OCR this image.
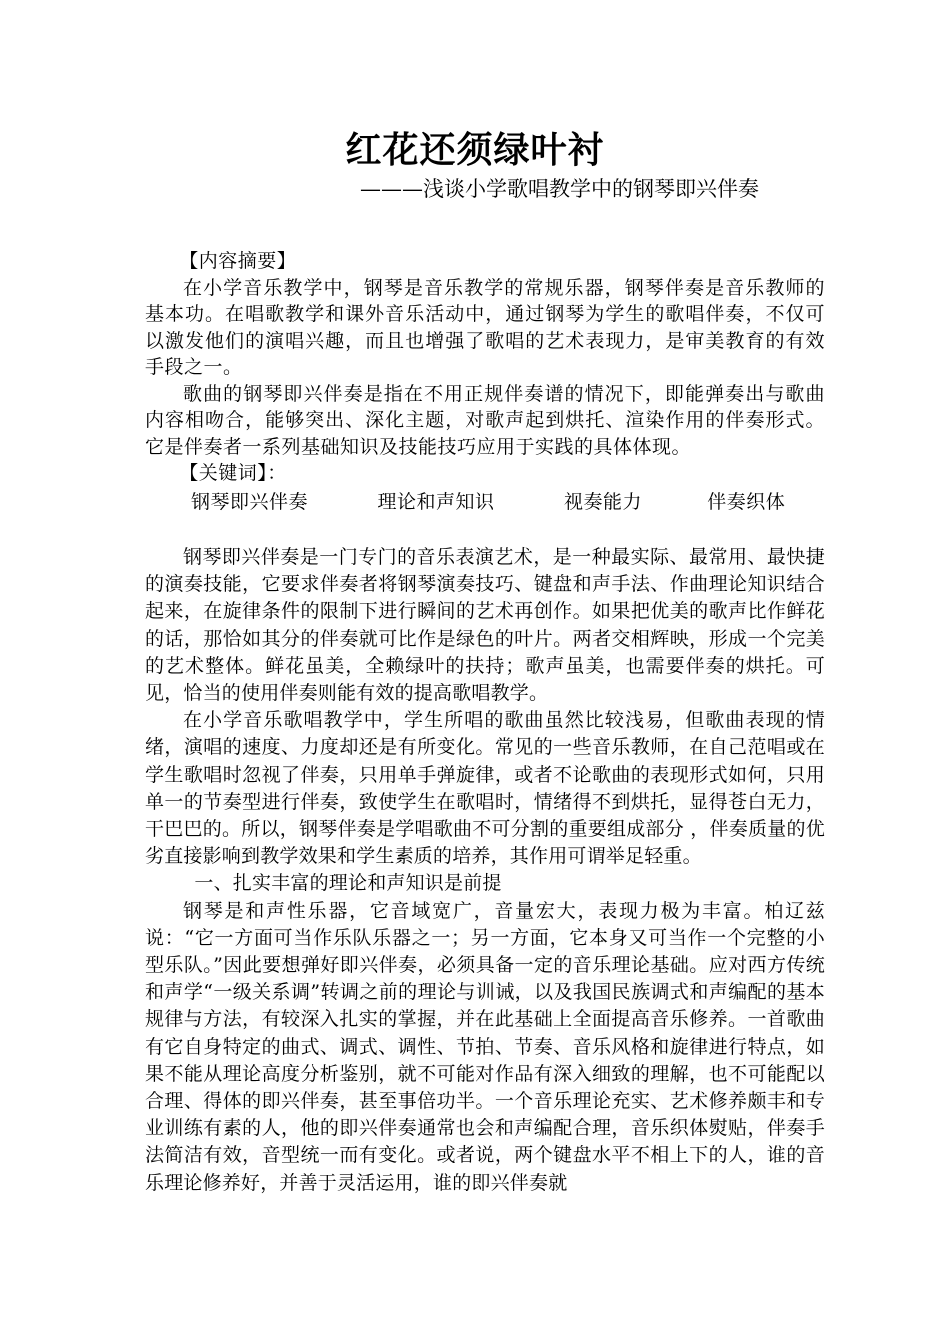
红花还须绿叶衬
———浅谈小学歌唱教学中的钢琴即兴伴奏

【内容摘要】

在小学音乐教学中，钢琴是音乐教学的常规乐器，钢琴伴奏是音乐教师的基本功。在唱歌教学和课外音乐活动中，通过钢琴为学生的歌唱伴奏，不仅可以激发他们的演唱兴趣，而且也增强了歌唱的艺术表现力，是审美教育的有效手段之一。

歌曲的钢琴即兴伴奏是指在不用正规伴奏谱的情况下，即能弹奏出与歌曲内容相吻合，能够突出、深化主题，对歌声起到烘托、渲染作用的伴奏形式。它是伴奏者一系列基础知识及技能技巧应用于实践的具体体现。

【关键词】：

钢琴即兴伴奏	理论和声知识	视奏能力	伴奏织体

钢琴即兴伴奏是一门专门的音乐表演艺术，是一种最实际、最常用、最快捷的演奏技能，它要求伴奏者将钢琴演奏技巧、键盘和声手法、作曲理论知识结合起来，在旋律条件的限制下进行瞬间的艺术再创作。如果把优美的歌声比作鲜花的话，那恰如其分的伴奏就可比作是绿色的叶片。两者交相辉映，形成一个完美的艺术整体。鲜花虽美，全赖绿叶的扶持；歌声虽美，也需要伴奏的烘托。可见，恰当的使用伴奏则能有效的提高歌唱教学。

在小学音乐歌唱教学中，学生所唱的歌曲虽然比较浅易，但歌曲表现的情绪，演唱的速度、力度却还是有所变化。常见的一些音乐教师，在自己范唱或在学生歌唱时忽视了伴奏，只用单手弹旋律，或者不论歌曲的表现形式如何，只用单一的节奏型进行伴奏，致使学生在歌唱时，情绪得不到烘托，显得苍白无力，干巴巴的。所以，钢琴伴奏是学唱歌曲不可分割的重要组成部分 ，伴奏质量的优劣直接影响到教学效果和学生素质的培养，其作用可谓举足轻重。

一、扎实丰富的理论和声知识是前提

钢琴是和声性乐器，它音域宽广，音量宏大，表现力极为丰富。柏辽兹说：“它一方面可当作乐队乐器之一；另一方面，它本身又可当作一个完整的小型乐队。”因此要想弹好即兴伴奏，必须具备一定的音乐理论基础。应对西方传统和声学“一级关系调”转调之前的理论与训诫，以及我国民族调式和声编配的基本规律与方法，有较深入扎实的掌握，并在此基础上全面提高音乐修养。一首歌曲有它自身特定的曲式、调式、调性、节拍、节奏、音乐风格和旋律进行特点，如果不能从理论高度分析鉴别，就不可能对作品有深入细致的理解，也不可能配以合理、得体的即兴伴奏，甚至事倍功半。一个音乐理论充实、艺术修养颇丰和专业训练有素的人，他的即兴伴奏通常也会和声编配合理，音乐织体熨贴，伴奏手法简洁有效，音型统一而有变化。或者说，两个键盘水平不相上下的人，谁的音乐理论修养好，并善于灵活运用，谁的即兴伴奏就
